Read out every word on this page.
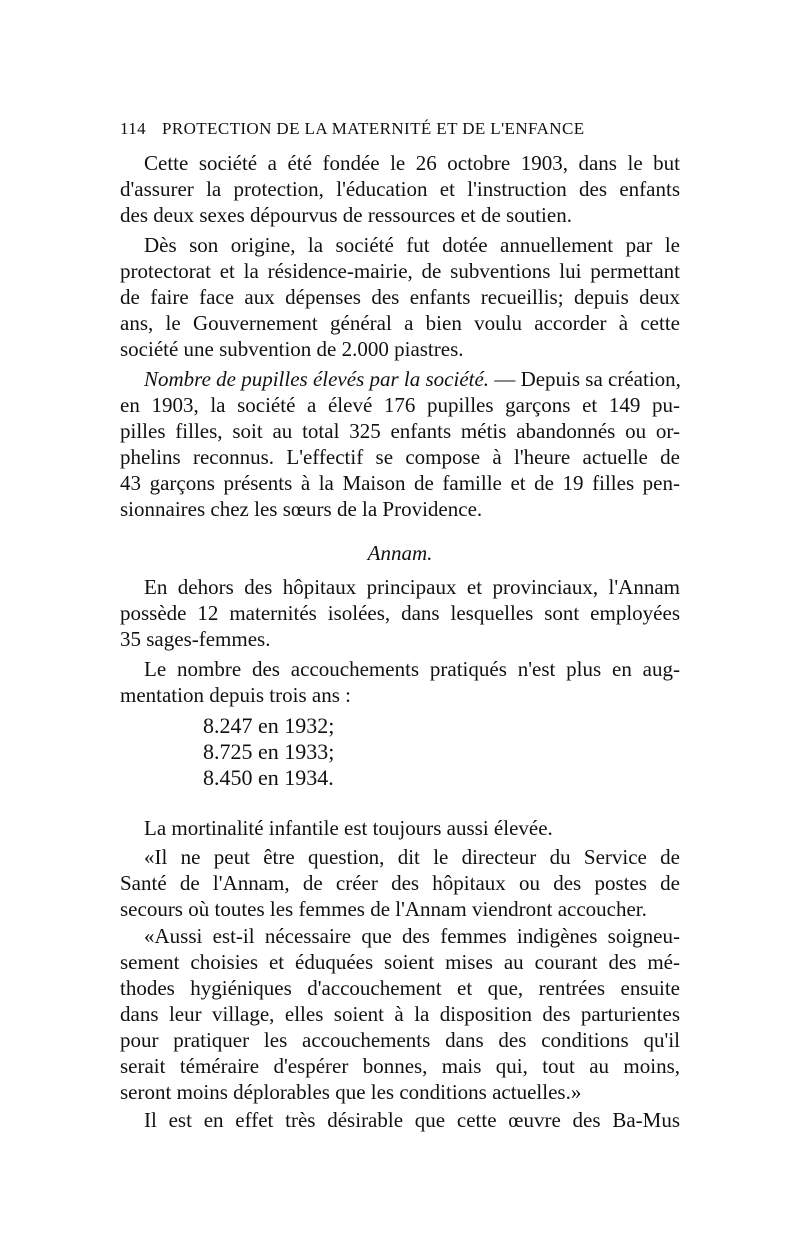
114 PROTECTION DE LA MATERNITÉ ET DE L'ENFANCE
Cette société a été fondée le 26 octobre 1903, dans le but
d'assurer la protection, l'éducation et l'instruction des enfants
des deux sexes dépourvus de ressources et de soutien.
Dès son origine, la société fut dotée annuellement par le
protectorat et la résidence-mairie, de subventions lui permettant
de faire face aux dépenses des enfants recueillis; depuis deux
ans, le Gouvernement général a bien voulu accorder à cette
société une subvention de 2.000 piastres.
Nombre de pupilles élevés par la société. — Depuis sa création,
en 1903, la société a élevé 176 pupilles garçons et 149 pu-
pilles filles, soit au total 325 enfants métis abandonnés ou or-
phelins reconnus. L'effectif se compose à l'heure actuelle de
43 garçons présents à la Maison de famille et de 19 filles pen-
sionnaires chez les sœurs de la Providence.
Annam.
En dehors des hôpitaux principaux et provinciaux, l'Annam
possède 12 maternités isolées, dans lesquelles sont employées
35 sages-femmes.
Le nombre des accouchements pratiqués n'est plus en aug-
mentation depuis trois ans :
8.247 en 1932;
8.725 en 1933;
8.450 en 1934.
La mortinalité infantile est toujours aussi élevée.
«Il ne peut être question, dit le directeur du Service de
Santé de l'Annam, de créer des hôpitaux ou des postes de
secours où toutes les femmes de l'Annam viendront accoucher.
«Aussi est-il nécessaire que des femmes indigènes soigneu-
sement choisies et éduquées soient mises au courant des mé-
thodes hygiéniques d'accouchement et que, rentrées ensuite
dans leur village, elles soient à la disposition des parturientes
pour pratiquer les accouchements dans des conditions qu'il
serait téméraire d'espérer bonnes, mais qui, tout au moins,
seront moins déplorables que les conditions actuelles.»
Il est en effet très désirable que cette œuvre des Ba-Mus
